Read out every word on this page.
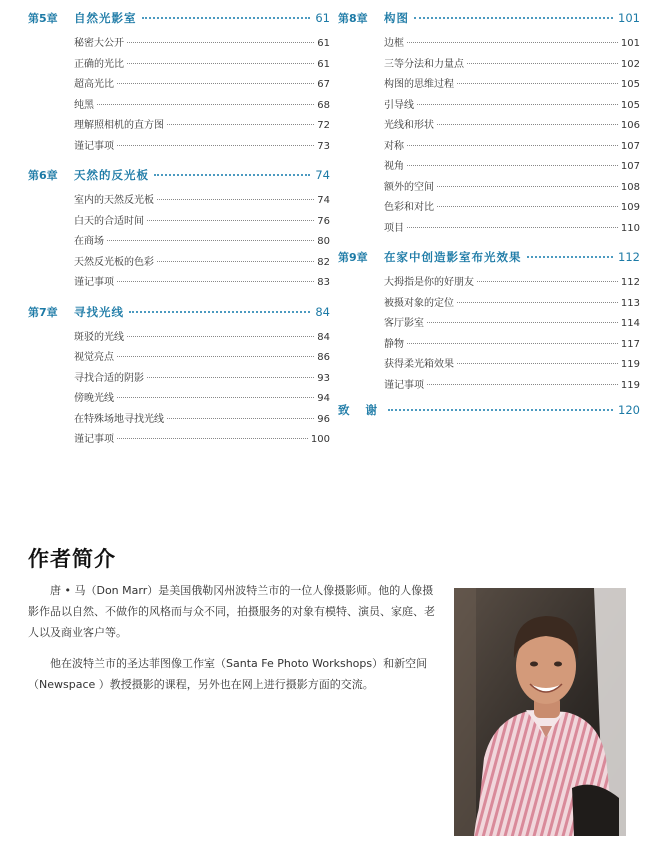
第5章	自然光影室	61
秘密大公开	61
正确的光比	61
超高光比	67
纯黑	68
理解照相机的直方图	72
谨记事项	73
第6章	天然的反光板	74
室内的天然反光板	74
白天的合适时间	76
在商场	80
天然反光板的色彩	82
谨记事项	83
第7章	寻找光线	84
斑驳的光线	84
视觉亮点	86
寻找合适的阴影	93
傍晚光线	94
在特殊场地寻找光线	96
谨记事项	100
第8章	构图	101
边框	101
三等分法和力量点	102
构图的思维过程	105
引导线	105
光线和形状	106
对称	107
视角	107
额外的空间	108
色彩和对比	109
项目	110
第9章	在家中创造影室布光效果	112
大拇指是你的好朋友	112
被摄对象的定位	113
客厅影室	114
静物	117
获得柔光箱效果	119
谨记事项	119
致 谢	120
作者简介

唐 • 马（Don Marr）是美国俄勒冈州波特兰市的一位人像摄影师。他的人像摄影作品以自然、不做作的风格而与众不同，拍摄服务的对象有模特、演员、家庭、老人以及商业客户等。

他在波特兰市的圣达菲图像工作室（Santa Fe Photo Workshops）和新空间（Newspace ）教授摄影的课程，另外也在网上进行摄影方面的交流。
